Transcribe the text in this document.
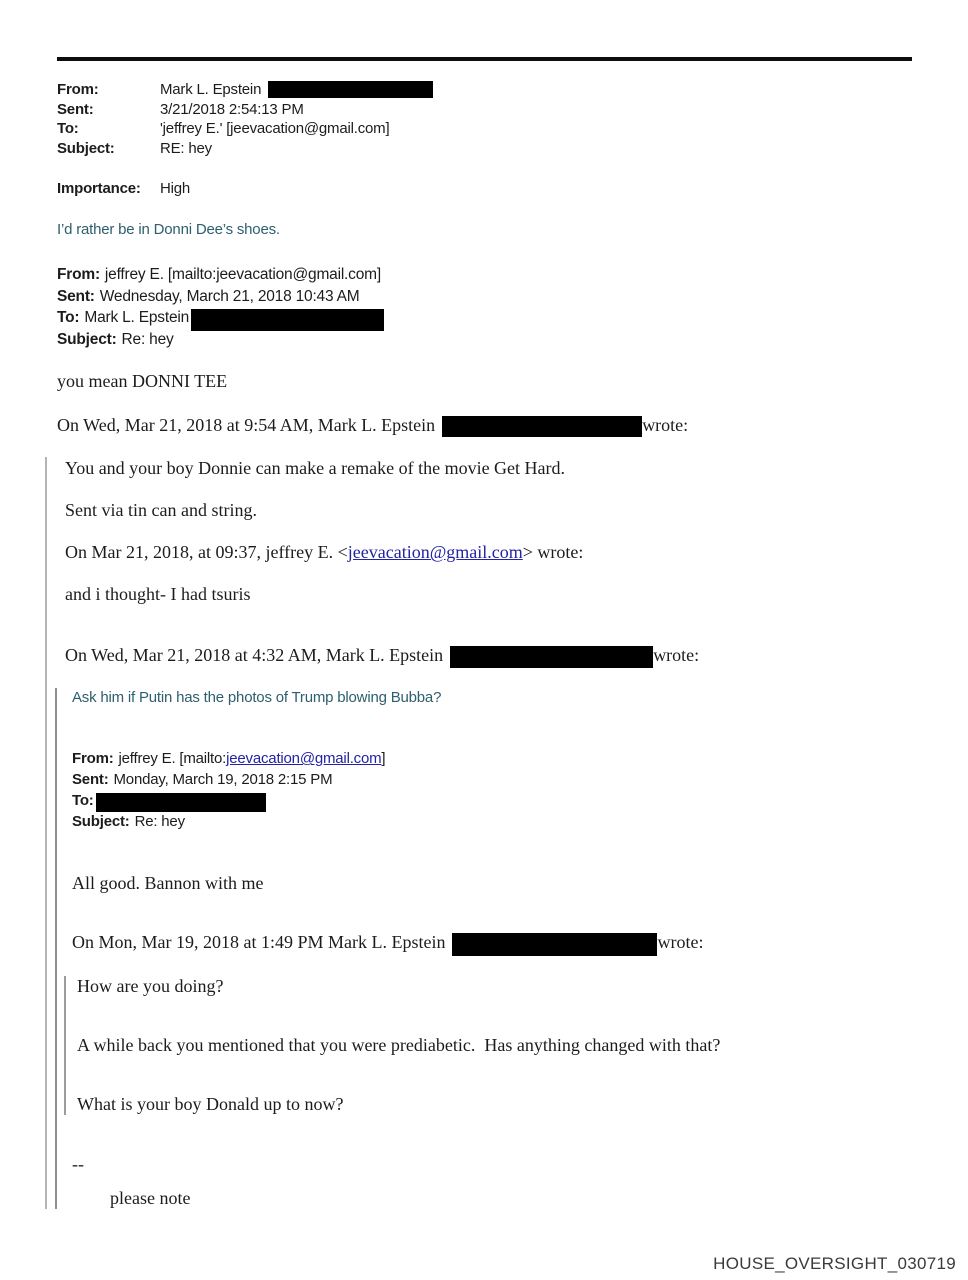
From:	Mark L. Epstein
Sent:	3/21/2018 2:54:13 PM
To:	'jeffrey E.' [jeevacation@gmail.com]
Subject:	RE: hey
Importance:	High

I’d rather be in Donni Dee’s shoes.

From: jeffrey E. [mailto:jeevacation@gmail.com]
Sent: Wednesday, March 21, 2018 10:43 AM
To: Mark L. Epstein
Subject: Re: hey

you mean DONNI TEE

On Wed, Mar 21, 2018 at 9:54 AM, Mark L. Epstein	wrote:

You and your boy Donnie can make a remake of the movie Get Hard.

Sent via tin can and string.

On Mar 21, 2018, at 09:37, jeffrey E. <jeevacation@gmail.com> wrote:

and i thought- I had tsuris

On Wed, Mar 21, 2018 at 4:32 AM, Mark L. Epstein	wrote:

Ask him if Putin has the photos of Trump blowing Bubba?

From: jeffrey E. [mailto:jeevacation@gmail.com]
Sent: Monday, March 19, 2018 2:15 PM
To:
Subject: Re: hey

All good. Bannon with me

On Mon, Mar 19, 2018 at 1:49 PM Mark L. Epstein	wrote:

How are you doing?

A while back you mentioned that you were prediabetic.  Has anything changed with that?

What is your boy Donald up to now?

--

please note

HOUSE_OVERSIGHT_030719
